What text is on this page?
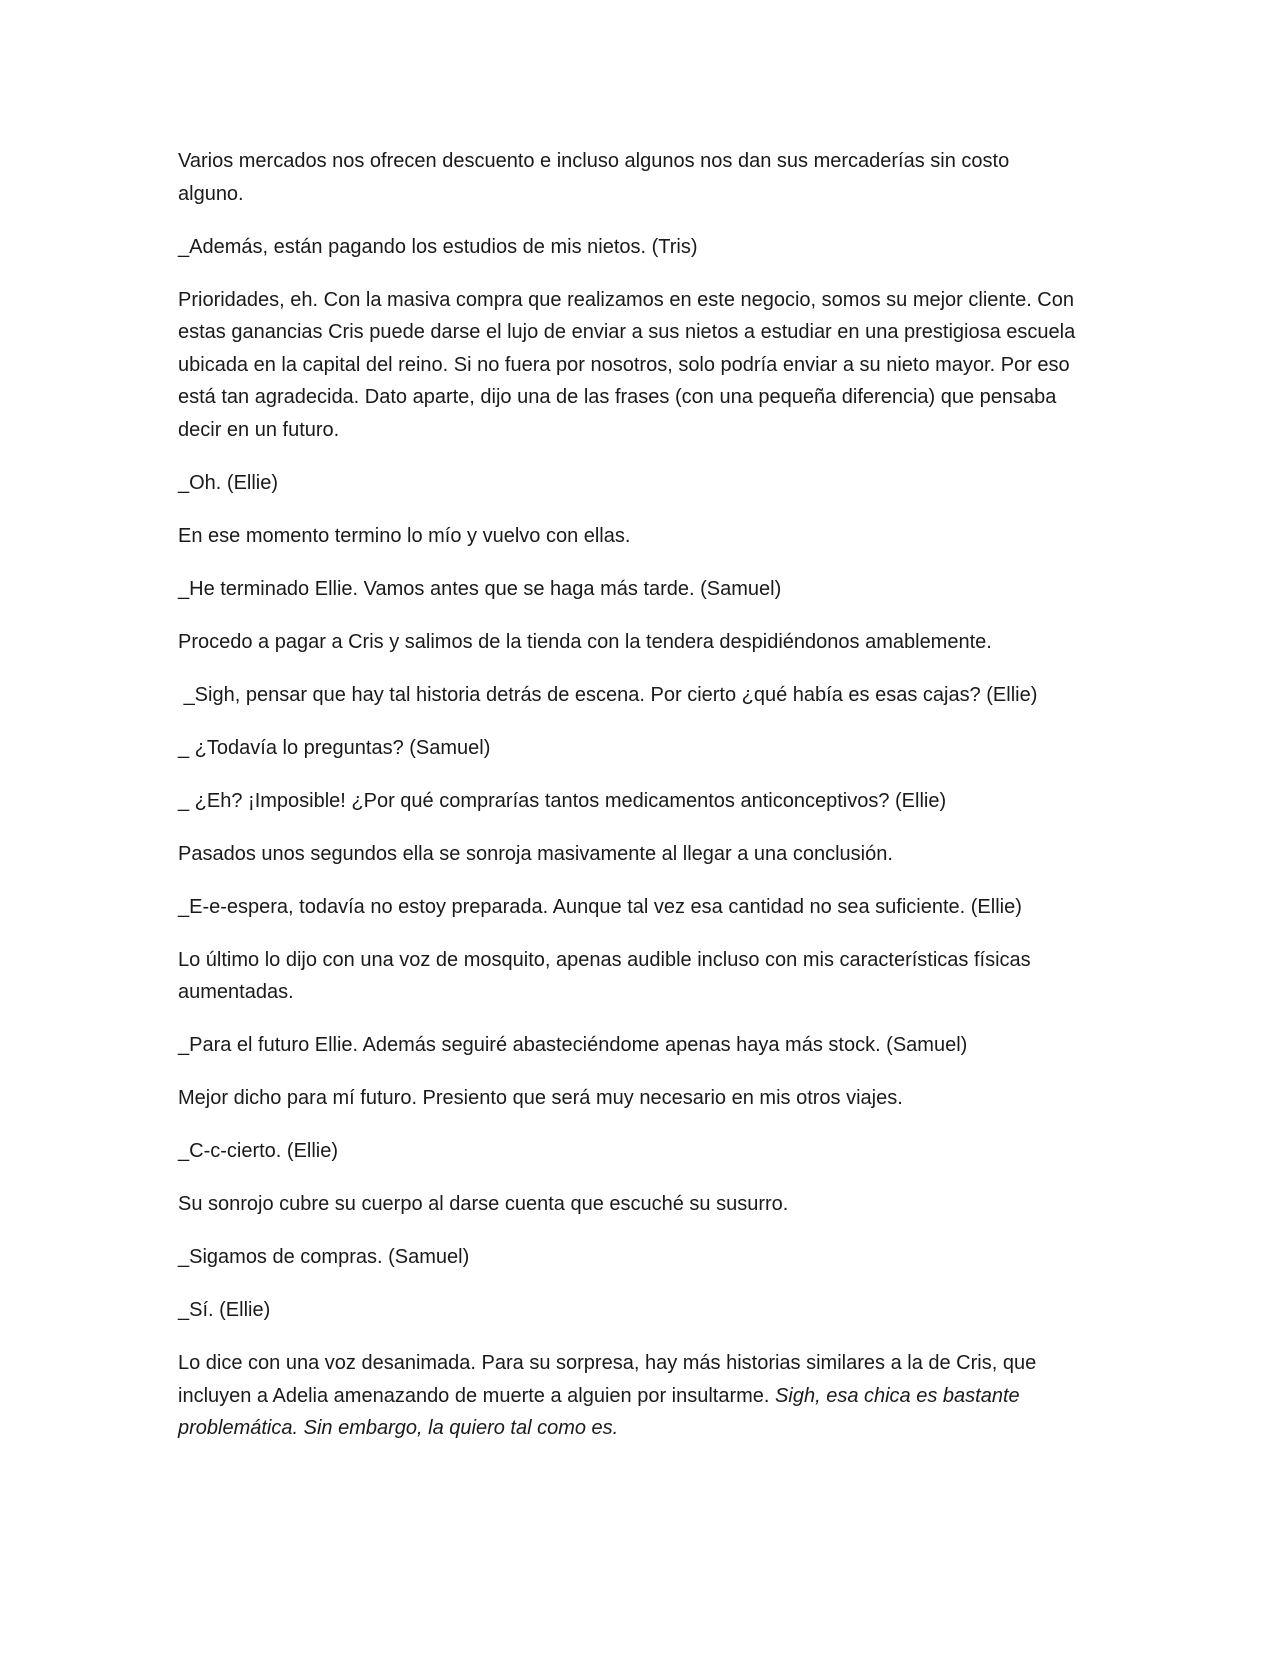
Varios mercados nos ofrecen descuento e incluso algunos nos dan sus mercaderías sin costo alguno.

_Además, están pagando los estudios de mis nietos. (Tris)

Prioridades, eh. Con la masiva compra que realizamos en este negocio, somos su mejor cliente. Con estas ganancias Cris puede darse el lujo de enviar a sus nietos a estudiar en una prestigiosa escuela ubicada en la capital del reino. Si no fuera por nosotros, solo podría enviar a su nieto mayor. Por eso está tan agradecida. Dato aparte, dijo una de las frases (con una pequeña diferencia) que pensaba decir en un futuro.

_Oh. (Ellie)

En ese momento termino lo mío y vuelvo con ellas.

_He terminado Ellie. Vamos antes que se haga más tarde. (Samuel)

Procedo a pagar a Cris y salimos de la tienda con la tendera despidiéndonos amablemente.

_Sigh, pensar que hay tal historia detrás de escena. Por cierto ¿qué había es esas cajas? (Ellie)

_ ¿Todavía lo preguntas? (Samuel)

_ ¿Eh? ¡Imposible! ¿Por qué comprarías tantos medicamentos anticonceptivos? (Ellie)

Pasados unos segundos ella se sonroja masivamente al llegar a una conclusión.

_E-e-espera, todavía no estoy preparada. Aunque tal vez esa cantidad no sea suficiente. (Ellie)

Lo último lo dijo con una voz de mosquito, apenas audible incluso con mis características físicas aumentadas.

_Para el futuro Ellie. Además seguiré abasteciéndome apenas haya más stock. (Samuel)

Mejor dicho para mí futuro. Presiento que será muy necesario en mis otros viajes.

_C-c-cierto. (Ellie)

Su sonrojo cubre su cuerpo al darse cuenta que escuché su susurro.

_Sigamos de compras. (Samuel)

_Sí. (Ellie)

Lo dice con una voz desanimada. Para su sorpresa, hay más historias similares a la de Cris, que incluyen a Adelia amenazando de muerte a alguien por insultarme. Sigh, esa chica es bastante problemática. Sin embargo, la quiero tal como es.
